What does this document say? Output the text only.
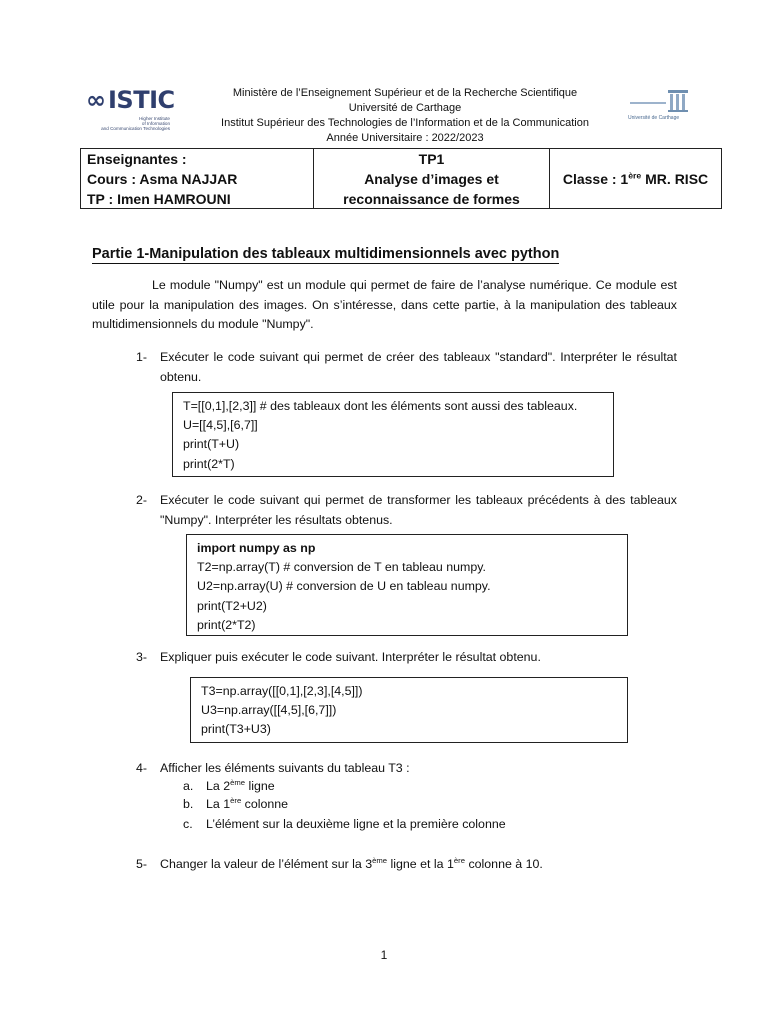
∞ ISTIC
Higher Institute
of Information
and Communication Technologies
Université de Carthage
Ministère de l’Enseignement Supérieur et de la Recherche Scientifique
Université de Carthage
Institut Supérieur des Technologies de l’Information et de la Communication
Année Universitaire : 2022/2023
Enseignantes :
Cours : Asma NAJJAR
TP : Imen HAMROUNI
TP1
Analyse d’images et
reconnaissance de formes
Classe : 1ère MR. RISC
Partie 1-Manipulation des tableaux multidimensionnels avec python
Le module "Numpy" est un module qui permet de faire de l’analyse numérique. Ce module est utile pour la manipulation des images. On s’intéresse, dans cette partie, à la manipulation des tableaux multidimensionnels du module "Numpy".
1- Exécuter le code suivant qui permet de créer des tableaux "standard". Interpréter le résultat obtenu.
T=[[0,1],[2,3]] # des tableaux dont les éléments sont aussi des tableaux.
U=[[4,5],[6,7]]
print(T+U)
print(2*T)
2- Exécuter le code suivant qui permet de transformer les tableaux précédents à des tableaux "Numpy". Interpréter les résultats obtenus.
import numpy as np
T2=np.array(T) # conversion de T en tableau numpy.
U2=np.array(U) # conversion de U en tableau numpy.
print(T2+U2)
print(2*T2)
3- Expliquer puis exécuter le code suivant. Interpréter le résultat obtenu.
T3=np.array([[0,1],[2,3],[4,5]])
U3=np.array([[4,5],[6,7]])
print(T3+U3)
4- Afficher les éléments suivants du tableau T3 :
a. La 2ème ligne
b. La 1ère colonne
c. L’élément sur la deuxième ligne et la première colonne
5- Changer la valeur de l’élément sur la 3ème ligne et la 1ère colonne à 10.
1
